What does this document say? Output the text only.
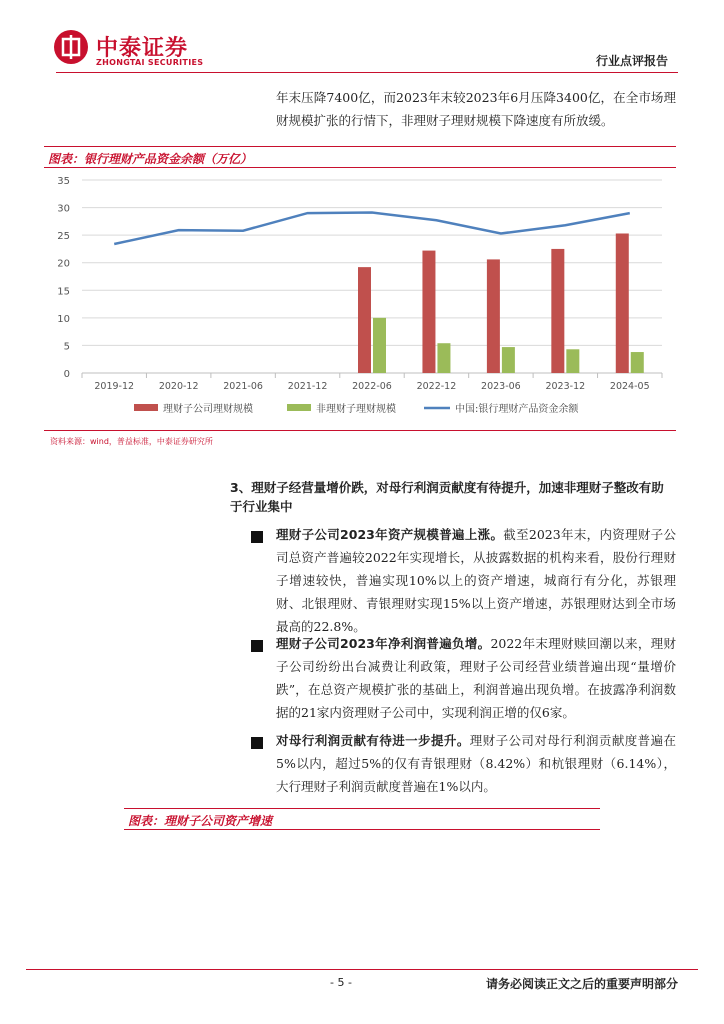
中泰证券
ZHONGTAI SECURITIES	行业点评报告
年末压降7400亿，而2023年末较2023年6月压降3400亿，在全市场理财规模扩张的行情下，非理财子理财规模下降速度有所放缓。
图表：银行理财产品资金余额（万亿）
0
5
10
15
20
25
30
35
2019-12	2020-12	2021-06	2021-12	2022-06	2022-12	2023-06	2023-12	2024-05
理财子公司理财规模	非理财子理财规模	中国:银行理财产品资金余额
资料来源：wind，普益标准，中泰证券研究所
3、理财子经营量增价跌，对母行利润贡献度有待提升，加速非理财子整改有助于行业集中
理财子公司2023年资产规模普遍上涨。截至2023年末，内资理财子公司总资产普遍较2022年实现增长，从披露数据的机构来看，股份行理财子增速较快，普遍实现10%以上的资产增速，城商行有分化，苏银理财、北银理财、青银理财实现15%以上资产增速，苏银理财达到全市场最高的22.8%。
理财子公司2023年净利润普遍负增。2022年末理财赎回潮以来，理财子公司纷纷出台减费让利政策，理财子公司经营业绩普遍出现“量增价跌”，在总资产规模扩张的基础上，利润普遍出现负增。在披露净利润数据的21家内资理财子公司中，实现利润正增的仅6家。
对母行利润贡献有待进一步提升。理财子公司对母行利润贡献度普遍在5%以内，超过5%的仅有青银理财（8.42%）和杭银理财（6.14%），大行理财子利润贡献度普遍在1%以内。
图表：理财子公司资产增速
- 5 -	请务必阅读正文之后的重要声明部分
